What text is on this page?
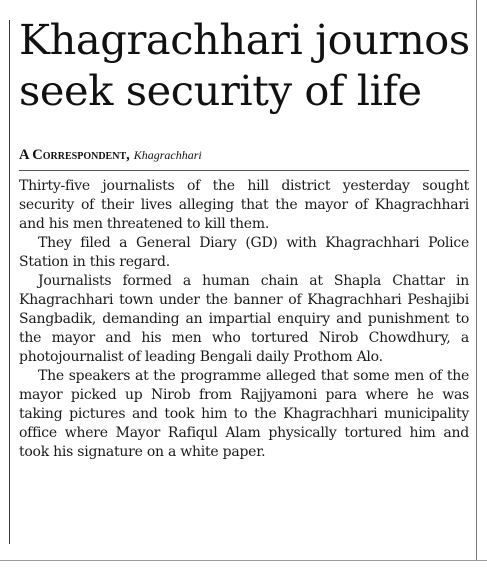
Khagrachhari journos seek security of life

A Correspondent, Khagrachhari

Thirty-five journalists of the hill district yesterday sought security of their lives alleging that the mayor of Khagrachhari and his men threatened to kill them.

They filed a General Diary (GD) with Khagrachhari Police Station in this regard.

Journalists formed a human chain at Shapla Chattar in Khagrachhari town under the banner of Khagrachhari Peshajibi Sangbadik, demanding an impartial enquiry and punishment to the mayor and his men who tortured Nirob Chowdhury, a photojournalist of leading Bengali daily Prothom Alo.

The speakers at the programme alleged that some men of the mayor picked up Nirob from Rajjyamoni para where he was taking pictures and took him to the Khagrachhari municipality office where Mayor Rafiqul Alam physically tortured him and took his signature on a white paper.
